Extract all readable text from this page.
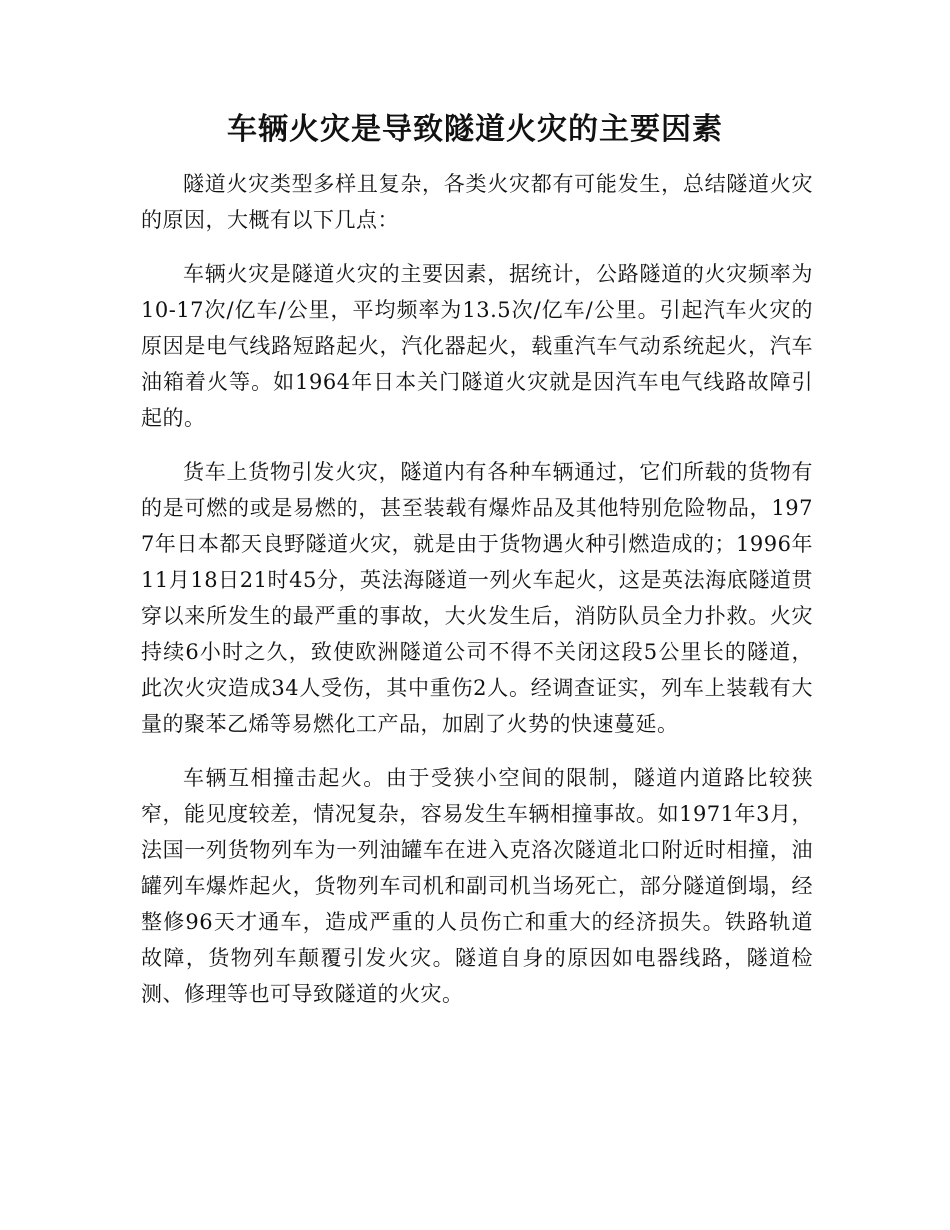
车辆火灾是导致隧道火灾的主要因素

隧道火灾类型多样且复杂，各类火灾都有可能发生，总结隧道火灾的原因，大概有以下几点：

车辆火灾是隧道火灾的主要因素，据统计，公路隧道的火灾频率为10-17次/亿车/公里，平均频率为13.5次/亿车/公里。引起汽车火灾的原因是电气线路短路起火，汽化器起火，载重汽车气动系统起火，汽车油箱着火等。如1964年日本关门隧道火灾就是因汽车电气线路故障引起的。

货车上货物引发火灾，隧道内有各种车辆通过，它们所载的货物有的是可燃的或是易燃的，甚至装载有爆炸品及其他特别危险物品，1977年日本都天良野隧道火灾，就是由于货物遇火种引燃造成的；1996年11月18日21时45分，英法海隧道一列火车起火，这是英法海底隧道贯穿以来所发生的最严重的事故，大火发生后，消防队员全力扑救。火灾持续6小时之久，致使欧洲隧道公司不得不关闭这段5公里长的隧道，此次火灾造成34人受伤，其中重伤2人。经调查证实，列车上装载有大量的聚苯乙烯等易燃化工产品，加剧了火势的快速蔓延。

车辆互相撞击起火。由于受狭小空间的限制，隧道内道路比较狭窄，能见度较差，情况复杂，容易发生车辆相撞事故。如1971年3月，法国一列货物列车为一列油罐车在进入克洛次隧道北口附近时相撞，油罐列车爆炸起火，货物列车司机和副司机当场死亡，部分隧道倒塌，经整修96天才通车，造成严重的人员伤亡和重大的经济损失。铁路轨道故障，货物列车颠覆引发火灾。隧道自身的原因如电器线路，隧道检测、修理等也可导致隧道的火灾。
